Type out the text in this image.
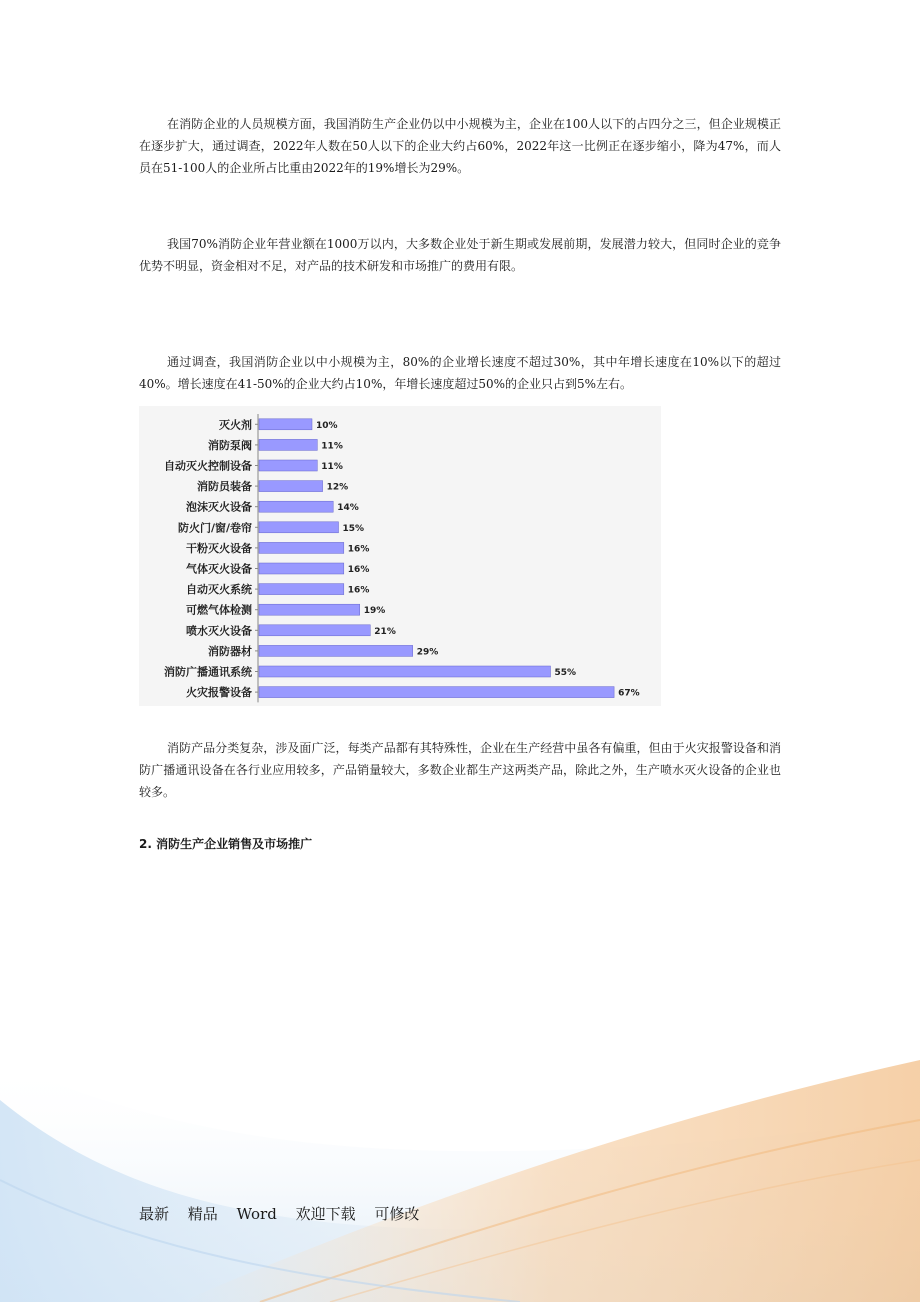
在消防企业的人员规模方面，我国消防生产企业仍以中小规模为主，企业在100人以下的占四分之三，但企业规模正在逐步扩大，通过调查，2022年人数在50人以下的企业大约占60%，2022年这一比例正在逐步缩小，降为47%，而人员在51-100人的企业所占比重由2022年的19%增长为29%。

我国70%消防企业年营业额在1000万以内，大多数企业处于新生期或发展前期，发展潜力较大，但同时企业的竞争优势不明显，资金相对不足，对产品的技术研发和市场推广的费用有限。

通过调查，我国消防企业以中小规模为主，80%的企业增长速度不超过30%，其中年增长速度在10%以下的超过40%。增长速度在41-50%的企业大约占10%，年增长速度超过50%的企业只占到5%左右。

灭火剂	10%
消防泵阀	11%
自动灭火控制设备	11%
消防员装备	12%
泡沫灭火设备	14%
防火门/窗/卷帘	15%
干粉灭火设备	16%
气体灭火设备	16%
自动灭火系统	16%
可燃气体检测	19%
喷水灭火设备	21%
消防器材	29%
消防广播通讯系统	55%
火灾报警设备	67%

消防产品分类复杂，涉及面广泛，每类产品都有其特殊性，企业在生产经营中虽各有偏重，但由于火灾报警设备和消防广播通讯设备在各行业应用较多，产品销量较大，多数企业都生产这两类产品，除此之外，生产喷水灭火设备的企业也较多。

2. 消防生产企业销售及市场推广

最新 精品 Word 欢迎下载 可修改
